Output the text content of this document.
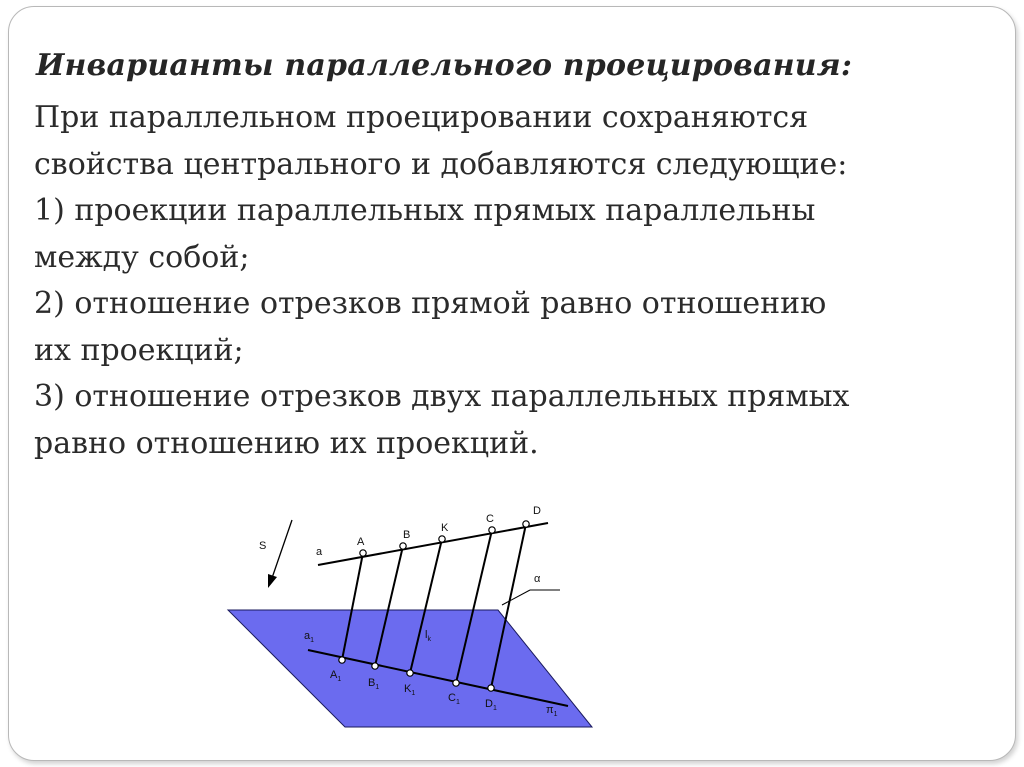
Инварианты параллельного проецирования:
При параллельном проецировании сохраняются
свойства центрального и добавляются следующие:
1) проекции параллельных прямых параллельны
между собой;
2) отношение отрезков прямой равно отношению
их проекций;
3) отношение отрезков двух параллельных прямых
равно отношению их проекций.
S	a
α
A
B
K
C
D
$a_1$	$l_k$
$A_1$ $B_1$ $K_1$	$C_1$ $D_1$	$\pi_1$
